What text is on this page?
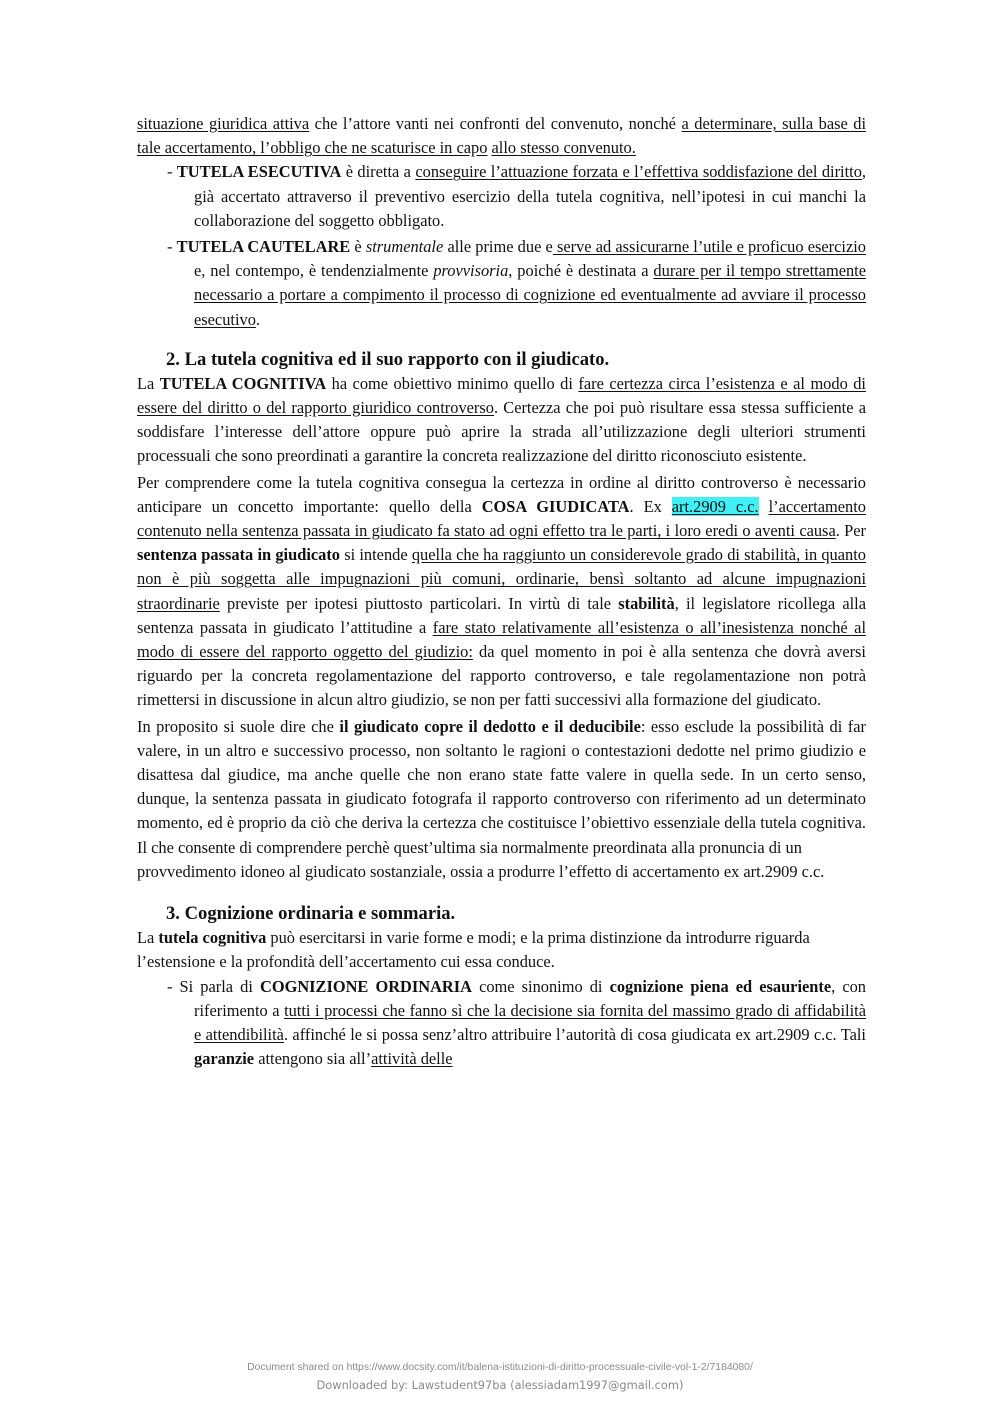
situazione giuridica attiva che l’attore vanti nei confronti del convenuto, nonché a determinare, sulla base di tale accertamento, l’obbligo che ne scaturisce in capo allo stesso convenuto.

- TUTELA ESECUTIVA è diretta a conseguire l’attuazione forzata e l’effettiva soddisfazione del diritto, già accertato attraverso il preventivo esercizio della tutela cognitiva, nell’ipotesi in cui manchi la collaborazione del soggetto obbligato.
- TUTELA CAUTELARE è strumentale alle prime due e serve ad assicurarne l’utile e proficuo esercizio e, nel contempo, è tendenzialmente provvisoria, poiché è destinata a durare per il tempo strettamente necessario a portare a compimento il processo di cognizione ed eventualmente ad avviare il processo esecutivo.
2. La tutela cognitiva ed il suo rapporto con il giudicato.

La TUTELA COGNITIVA ha come obiettivo minimo quello di fare certezza circa l’esistenza e al modo di essere del diritto o del rapporto giuridico controverso. Certezza che poi può risultare essa stessa sufficiente a soddisfare l’interesse dell’attore oppure può aprire la strada all’utilizzazione degli ulteriori strumenti processuali che sono preordinati a garantire la concreta realizzazione del diritto riconosciuto esistente.

Per comprendere come la tutela cognitiva consegua la certezza in ordine al diritto controverso è necessario anticipare un concetto importante: quello della COSA GIUDICATA. Ex art.2909 c.c. l’accertamento contenuto nella sentenza passata in giudicato fa stato ad ogni effetto tra le parti, i loro eredi o aventi causa. Per sentenza passata in giudicato si intende quella che ha raggiunto un considerevole grado di stabilità, in quanto non è più soggetta alle impugnazioni più comuni, ordinarie, bensì soltanto ad alcune impugnazioni straordinarie previste per ipotesi piuttosto particolari. In virtù di tale stabilità, il legislatore ricollega alla sentenza passata in giudicato l’attitudine a fare stato relativamente all’esistenza o all’inesistenza nonché al modo di essere del rapporto oggetto del giudizio: da quel momento in poi è alla sentenza che dovrà aversi riguardo per la concreta regolamentazione del rapporto controverso, e tale regolamentazione non potrà rimettersi in discussione in alcun altro giudizio, se non per fatti successivi alla formazione del giudicato.

In proposito si suole dire che il giudicato copre il dedotto e il deducibile: esso esclude la possibilità di far valere, in un altro e successivo processo, non soltanto le ragioni o contestazioni dedotte nel primo giudizio e disattesa dal giudice, ma anche quelle che non erano state fatte valere in quella sede. In un certo senso, dunque, la sentenza passata in giudicato fotografa il rapporto controverso con riferimento ad un determinato momento, ed è proprio da ciò che deriva la certezza che costituisce l’obiettivo essenziale della tutela cognitiva. Il che consente di comprendere perchè quest’ultima sia normalmente preordinata alla pronuncia di un

provvedimento idoneo al giudicato sostanziale, ossia a produrre l’effetto di accertamento ex art.2909 c.c.

3. Cognizione ordinaria e sommaria.

La tutela cognitiva può esercitarsi in varie forme e modi; e la prima distinzione da introdurre riguarda l’estensione e la profondità dell’accertamento cui essa conduce.

- Si parla di COGNIZIONE ORDINARIA come sinonimo di cognizione piena ed esauriente, con riferimento a tutti i processi che fanno sì che la decisione sia fornita del massimo grado di affidabilità e attendibilità. affinché le si possa senz’altro attribuire l’autorità di cosa giudicata ex art.2909 c.c. Tali garanzie attengono sia all’attività delle
Document shared on https://www.docsity.com/it/balena-istituzioni-di-diritto-processuale-civile-vol-1-2/7184080/
Downloaded by: Lawstudent97ba (alessiadam1997@gmail.com)
